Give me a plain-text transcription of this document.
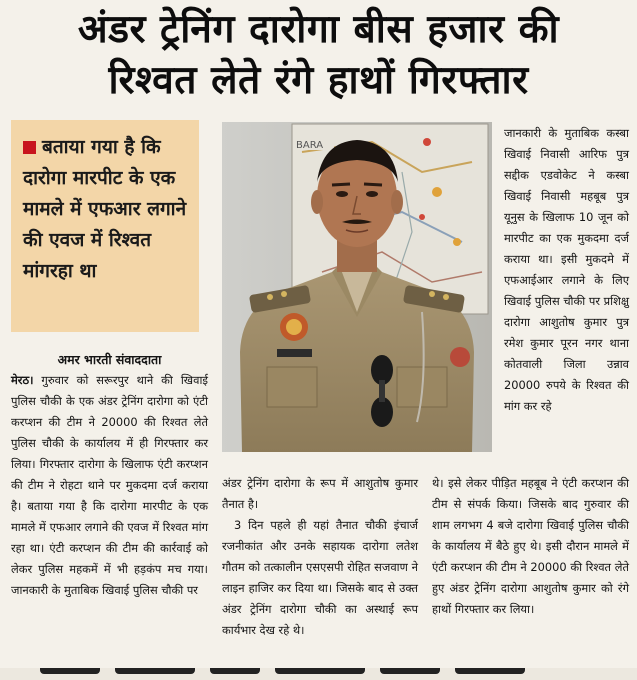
अंडर ट्रेनिंग दारोगा बीस हजार की
रिश्वत लेते रंगे हाथों गिरफ्तार
बताया गया है कि दारोगा मारपीट के एक मामले में एफआर लगाने की एवज में रिश्वत मांगरहा था
BARA
अमर भारती संवाददाता

मेरठ। गुरुवार को सरूरपुर थाने की खिवाई पुलिस चौकी के एक अंडर ट्रेनिंग दारोगा को एंटी करप्शन की टीम ने 20000 की रिश्वत लेते पुलिस चौकी के कार्यालय में ही गिरफ्तार कर लिया। गिरफ्तार दारोगा के खिलाफ एंटी करप्शन की टीम ने रोहटा थाने पर मुकदमा दर्ज कराया है। बताया गया है कि दारोगा मारपीट के एक मामले में एफआर लगाने की एवज में रिश्वत मांग रहा था। एंटी करप्शन की टीम की कार्रवाई को लेकर पुलिस महकमें में भी हड़कंप मच गया। जानकारी के मुताबिक खिवाई पुलिस चौकी पर

अंडर ट्रेनिंग दारोगा के रूप में आशुतोष कुमार तैनात है।

3 दिन पहले ही यहां तैनात चौकी इंचार्ज रजनीकांत और उनके सहायक दारोगा लतेश गौतम को तत्कालीन एसएसपी रोहित सजवाण ने लाइन हाजिर कर दिया था। जिसके बाद से उक्त अंडर ट्रेनिंग दारोगा चौकी का अस्थाई रूप कार्यभार देख रहे थे।

जानकारी के मुताबिक कस्बा खिवाई निवासी आरिफ पुत्र सद्दीक एडवोकेट ने कस्बा खिवाई निवासी महबूब पुत्र यूनुस के खिलाफ 10 जून को मारपीट का एक मुकदमा दर्ज कराया था। इसी मुकदमे में एफआईआर लगाने के लिए खिवाई पुलिस चौकी पर प्रशिक्षु दारोगा आशुतोष कुमार पुत्र रमेश कुमार पूरन नगर थाना कोतवाली जिला उन्नाव 20000 रुपये के रिश्वत की मांग कर रहे

थे। इसे लेकर पीड़ित महबूब ने एंटी करप्शन की टीम से संपर्क किया। जिसके बाद गुरुवार की शाम लगभग 4 बजे दारोगा खिवाई पुलिस चौकी के कार्यालय में बैठे हुए थे। इसी दौरान मामले में एंटी करप्शन की टीम ने 20000 की रिश्वत लेते हुए अंडर ट्रेनिंग दारोगा आशुतोष कुमार को रंगे हाथों गिरफ्तार कर लिया।
